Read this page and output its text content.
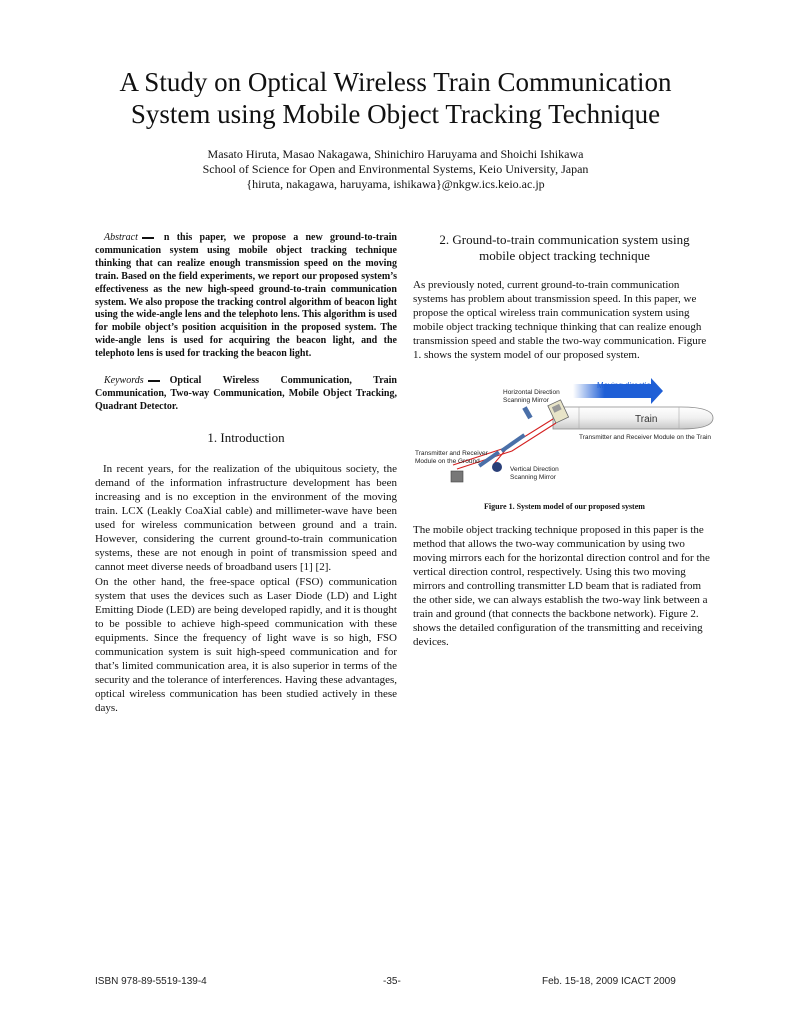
A Study on Optical Wireless Train Communication
System using Mobile Object Tracking Technique
Masato Hiruta, Masao Nakagawa, Shinichiro Haruyama and Shoichi Ishikawa
School of Science for Open and Environmental Systems, Keio University, Japan
{hiruta, nakagawa, haruyama, ishikawa}@nkgw.ics.keio.ac.jp

Abstract	n this paper, we propose a new ground-to-train communication system using mobile object tracking technique thinking that can realize enough transmission speed on the moving train. Based on the field experiments, we report our proposed system’s effectiveness as the new high-speed ground-to-train communication system. We also propose the tracking control algorithm of beacon light using the wide-angle lens and the telephoto lens. This algorithm is used for mobile object’s position acquisition in the proposed system. The wide-angle lens is used for acquiring the beacon light, and the telephoto lens is used for tracking the beacon light.

Keywords	Optical Wireless Communication, Train Communication, Two-way Communication, Mobile Object Tracking, Quadrant Detector.

1. Introduction

In recent years, for the realization of the ubiquitous society, the demand of the information infrastructure development has been increasing and is no exception in the environment of the moving train. LCX (Leakly CoaXial cable) and millimeter-wave have been used for wireless communication between ground and a train. However, considering the current ground-to-train communication systems, these are not enough in point of transmission speed and cannot meet diverse needs of broadband users [1] [2].

On the other hand, the free-space optical (FSO) communication system that uses the devices such as Laser Diode (LD) and Light Emitting Diode (LED) are being developed rapidly, and it is thought to be possible to achieve high-speed communication with these equipments. Since the frequency of light wave is so high, FSO communication system is suit high-speed communication and for that’s limited communication area, it is also superior in terms of the security and the tolerance of interferences. Having these advantages, optical wireless communication has been studied actively in these days.

2. Ground-to-train communication system using
mobile object tracking technique

As previously noted, current ground-to-train communication systems has problem about transmission speed. In this paper, we propose the optical wireless train communication system using mobile object tracking technique thinking that can realize enough transmission speed and stable the two-way communication. Figure 1. shows the system model of our proposed system.

Moving direction
Horizontal Direction
Scanning Mirror
Train
Transmitter and Receiver Module on the Train
Transmitter and Receiver
Module on the Ground
Vertical Direction
Scanning Mirror

Figure 1. System model of our proposed system

The mobile object tracking technique proposed in this paper is the method that allows the two-way communication by using two moving mirrors each for the horizontal direction control and for the vertical direction control, respectively. Using this two moving mirrors and controlling transmitter LD beam that is radiated from the other side, we can always establish the two-way link between a train and ground (that connects the backbone network). Figure 2. shows the detailed configuration of the transmitting and receiving devices.

ISBN 978-89-5519-139-4	-35-	Feb. 15-18, 2009 ICACT 2009
